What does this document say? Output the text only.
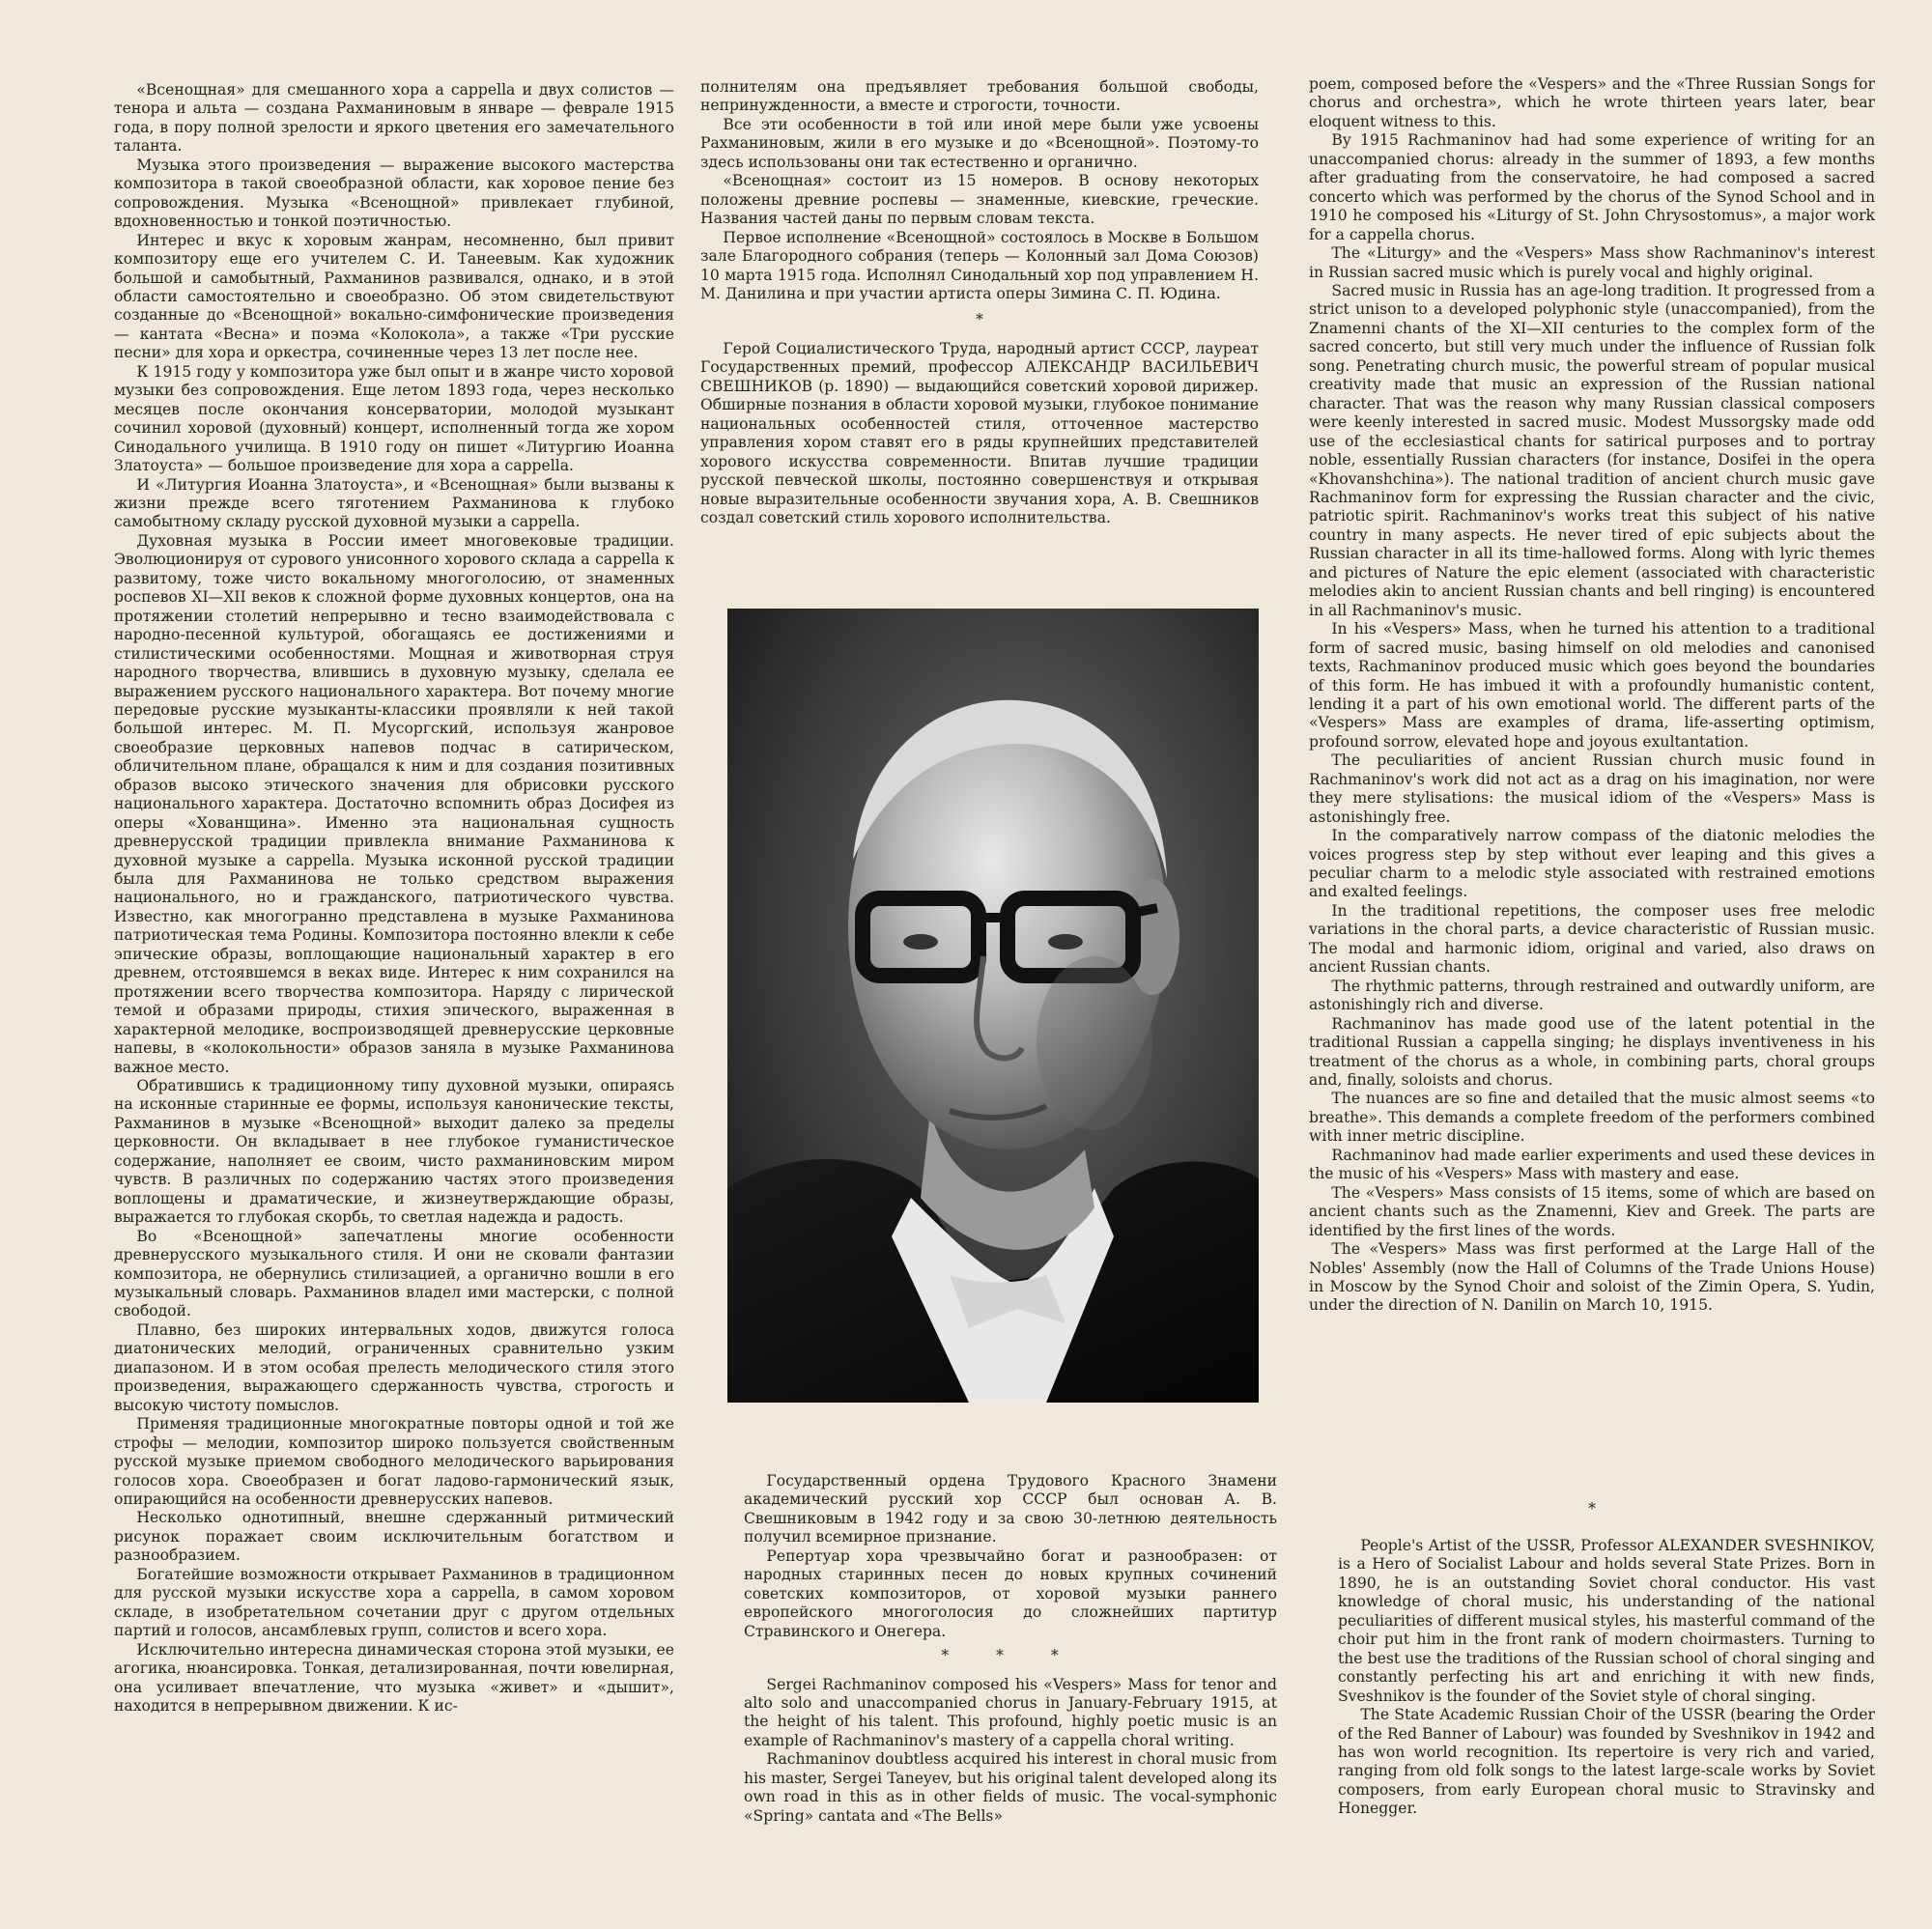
«Всенощная» для смешанного хора а cappella и двух солистов — тенора и альта — создана Рахманиновым в январе — феврале 1915 года, в пору полной зрелости и яркого цветения его замечательного таланта.

Музыка этого произведения — выражение высокого мастерства композитора в такой своеобразной области, как хоровое пение без сопровождения. Музыка «Всенощной» привлекает глубиной, вдохновенностью и тонкой поэтичностью.

Интерес и вкус к хоровым жанрам, несомненно, был привит композитору еще его учителем С. И. Танеевым. Как художник большой и самобытный, Рахманинов развивался, однако, и в этой области самостоятельно и своеобразно. Об этом свидетельствуют созданные до «Всенощной» вокально-симфонические произведения — кантата «Весна» и поэма «Колокола», а также «Три русские песни» для хора и оркестра, сочиненные через 13 лет после нее.

К 1915 году у композитора уже был опыт и в жанре чисто хоровой музыки без сопровождения. Еще летом 1893 года, через несколько месяцев после окончания консерватории, молодой музыкант сочинил хоровой (духовный) концерт, исполненный тогда же хором Синодального училища. В 1910 году он пишет «Литургию Иоанна Златоуста» — большое произведение для хора а cappella.

И «Литургия Иоанна Златоуста», и «Всенощная» были вызваны к жизни прежде всего тяготением Рахманинова к глубоко самобытному складу русской духовной музыки а cappella.

Духовная музыка в России имеет многовековые традиции. Эволюционируя от сурового унисонного хорового склада а cappella к развитому, тоже чисто вокальному многоголосию, от знаменных роспевов XI—XII веков к сложной форме духовных концертов, она на протяжении столетий непрерывно и тесно взаимодействовала с народно-песенной культурой, обогащаясь ее достижениями и стилистическими особенностями. Мощная и животворная струя народного творчества, влившись в духовную музыку, сделала ее выражением русского национального характера. Вот почему многие передовые русские музыканты-классики проявляли к ней такой большой интерес. М. П. Мусоргский, используя жанровое своеобразие церковных напевов подчас в сатирическом, обличительном плане, обращался к ним и для создания позитивных образов высоко этического значения для обрисовки русского национального характера. Достаточно вспомнить образ Досифея из оперы «Хованщина». Именно эта национальная сущность древнерусской традиции привлекла внимание Рахманинова к духовной музыке а cappella. Музыка исконной русской традиции была для Рахманинова не только средством выражения национального, но и гражданского, патриотического чувства. Известно, как многогранно представлена в музыке Рахманинова патриотическая тема Родины. Композитора постоянно влекли к себе эпические образы, воплощающие национальный характер в его древнем, отстоявшемся в веках виде. Интерес к ним сохранился на протяжении всего творчества композитора. Наряду с лирической темой и образами природы, стихия эпического, выраженная в характерной мелодике, воспроизводящей древнерусские церковные напевы, в «колокольности» образов заняла в музыке Рахманинова важное место.

Обратившись к традиционному типу духовной музыки, опираясь на исконные старинные ее формы, используя канонические тексты, Рахманинов в музыке «Всенощной» выходит далеко за пределы церковности. Он вкладывает в нее глубокое гуманистическое содержание, наполняет ее своим, чисто рахманиновским миром чувств. В различных по содержанию частях этого произведения воплощены и драматические, и жизнеутверждающие образы, выражается то глубокая скорбь, то светлая надежда и радость.

Во «Всенощной» запечатлены многие особенности древнерусского музыкального стиля. И они не сковали фантазии композитора, не обернулись стилизацией, а органично вошли в его музыкальный словарь. Рахманинов владел ими мастерски, с полной свободой.

Плавно, без широких интервальных ходов, движутся голоса диатонических мелодий, ограниченных сравнительно узким диапазоном. И в этом особая прелесть мелодического стиля этого произведения, выражающего сдержанность чувства, строгость и высокую чистоту помыслов.

Применяя традиционные многократные повторы одной и той же строфы — мелодии, композитор широко пользуется свойственным русской музыке приемом свободного мелодического варьирования голосов хора. Своеобразен и богат ладово-гармонический язык, опирающийся на особенности древнерусских напевов.

Несколько однотипный, внешне сдержанный ритмический рисунок поражает своим исключительным богатством и разнообразием.

Богатейшие возможности открывает Рахманинов в традиционном для русской музыки искусстве хора а cappella, в самом хоровом складе, в изобретательном сочетании друг с другом отдельных партий и голосов, ансамблевых групп, солистов и всего хора.

Исключительно интересна динамическая сторона этой музыки, ее агогика, нюансировка. Тонкая, детализированная, почти ювелирная, она усиливает впечатление, что музыка «живет» и «дышит», находится в непрерывном движении. К ис-

полнителям она предъявляет требования большой свободы, непринужденности, а вместе и строгости, точности.

Все эти особенности в той или иной мере были уже усвоены Рахманиновым, жили в его музыке и до «Всенощной». Поэтому-то здесь использованы они так естественно и органично.

«Всенощная» состоит из 15 номеров. В основу некоторых положены древние роспевы — знаменные, киевские, греческие. Названия частей даны по первым словам текста.

Первое исполнение «Всенощной» состоялось в Москве в Большом зале Благородного собрания (теперь — Колонный зал Дома Союзов) 10 марта 1915 года. Исполнял Синодальный хор под управлением Н. М. Данилина и при участии артиста оперы Зимина С. П. Юдина.

*

Герой Социалистического Труда, народный артист СССР, лауреат Государственных премий, профессор АЛЕКСАНДР ВАСИЛЬЕВИЧ СВЕШНИКОВ (р. 1890) — выдающийся советский хоровой дирижер. Обширные познания в области хоровой музыки, глубокое понимание национальных особенностей стиля, отточенное мастерство управления хором ставят его в ряды крупнейших представителей хорового искусства современности. Впитав лучшие традиции русской певческой школы, постоянно совершенствуя и открывая новые выразительные особенности звучания хора, А. В. Свешников создал советский стиль хорового исполнительства.

Государственный ордена Трудового Красного Знамени академический русский хор СССР был основан А. В. Свешниковым в 1942 году и за свою 30-летнюю деятельность получил всемирное признание.

Репертуар хора чрезвычайно богат и разнообразен: от народных старинных песен до новых крупных сочинений советских композиторов, от хоровой музыки раннего европейского многоголосия до сложнейших партитур Стравинского и Онегера.

* * *

Sergei Rachmaninov composed his «Vespers» Mass for tenor and alto solo and unaccompanied chorus in January-February 1915, at the height of his talent. This profound, highly poetic music is an example of Rachmaninov's mastery of a cappella choral writing.

Rachmaninov doubtless acquired his interest in choral music from his master, Sergei Taneyev, but his original talent developed along its own road in this as in other fields of music. The vocal-symphonic «Spring» cantata and «The Bells»

poem, composed before the «Vespers» and the «Three Russian Songs for chorus and orchestra», which he wrote thirteen years later, bear eloquent witness to this.

By 1915 Rachmaninov had had some experience of writing for an unaccompanied chorus: already in the summer of 1893, a few months after graduating from the conservatoire, he had composed a sacred concerto which was performed by the chorus of the Synod School and in 1910 he composed his «Liturgy of St. John Chrysostomus», a major work for a cappella chorus.

The «Liturgy» and the «Vespers» Mass show Rachmaninov's interest in Russian sacred music which is purely vocal and highly original.

Sacred music in Russia has an age-long tradition. It progressed from a strict unison to a developed polyphonic style (unaccompanied), from the Znamenni chants of the XI—XII centuries to the complex form of the sacred concerto, but still very much under the influence of Russian folk song. Penetrating church music, the powerful stream of popular musical creativity made that music an expression of the Russian national character. That was the reason why many Russian classical composers were keenly interested in sacred music. Modest Mussorgsky made odd use of the ecclesiastical chants for satirical purposes and to portray noble, essentially Russian characters (for instance, Dosifei in the opera «Khovanshchina»). The national tradition of ancient church music gave Rachmaninov form for expressing the Russian character and the civic, patriotic spirit. Rachmaninov's works treat this subject of his native country in many aspects. He never tired of epic subjects about the Russian character in all its time-hallowed forms. Along with lyric themes and pictures of Nature the epic element (associated with characteristic melodies akin to ancient Russian chants and bell ringing) is encountered in all Rachmaninov's music.

In his «Vespers» Mass, when he turned his attention to a traditional form of sacred music, basing himself on old melodies and canonised texts, Rachmaninov produced music which goes beyond the boundaries of this form. He has imbued it with a profoundly humanistic content, lending it a part of his own emotional world. The different parts of the «Vespers» Mass are examples of drama, life-asserting optimism, profound sorrow, elevated hope and joyous exultantation.

The peculiarities of ancient Russian church music found in Rachmaninov's work did not act as a drag on his imagination, nor were they mere stylisations: the musical idiom of the «Vespers» Mass is astonishingly free.

In the comparatively narrow compass of the diatonic melodies the voices progress step by step without ever leaping and this gives a peculiar charm to a melodic style associated with restrained emotions and exalted feelings.

In the traditional repetitions, the composer uses free melodic variations in the choral parts, a device characteristic of Russian music. The modal and harmonic idiom, original and varied, also draws on ancient Russian chants.

The rhythmic patterns, through restrained and outwardly uniform, are astonishingly rich and diverse.

Rachmaninov has made good use of the latent potential in the traditional Russian a cappella singing; he displays inventiveness in his treatment of the chorus as a whole, in combining parts, choral groups and, finally, soloists and chorus.

The nuances are so fine and detailed that the music almost seems «to breathe». This demands a complete freedom of the performers combined with inner metric discipline.

Rachmaninov had made earlier experiments and used these devices in the music of his «Vespers» Mass with mastery and ease.

The «Vespers» Mass consists of 15 items, some of which are based on ancient chants such as the Znamenni, Kiev and Greek. The parts are identified by the first lines of the words.

The «Vespers» Mass was first performed at the Large Hall of the Nobles' Assembly (now the Hall of Columns of the Trade Unions House) in Moscow by the Synod Choir and soloist of the Zimin Opera, S. Yudin, under the direction of N. Danilin on March 10, 1915.

*

People's Artist of the USSR, Professor ALEXANDER SVESHNIKOV, is a Hero of Socialist Labour and holds several State Prizes. Born in 1890, he is an outstanding Soviet choral conductor. His vast knowledge of choral music, his understanding of the national peculiarities of different musical styles, his masterful command of the choir put him in the front rank of modern choirmasters. Turning to the best use the traditions of the Russian school of choral singing and constantly perfecting his art and enriching it with new finds, Sveshnikov is the founder of the Soviet style of choral singing.

The State Academic Russian Choir of the USSR (bearing the Order of the Red Banner of Labour) was founded by Sveshnikov in 1942 and has won world recognition. Its repertoire is very rich and varied, ranging from old folk songs to the latest large-scale works by Soviet composers, from early European choral music to Stravinsky and Honegger.
